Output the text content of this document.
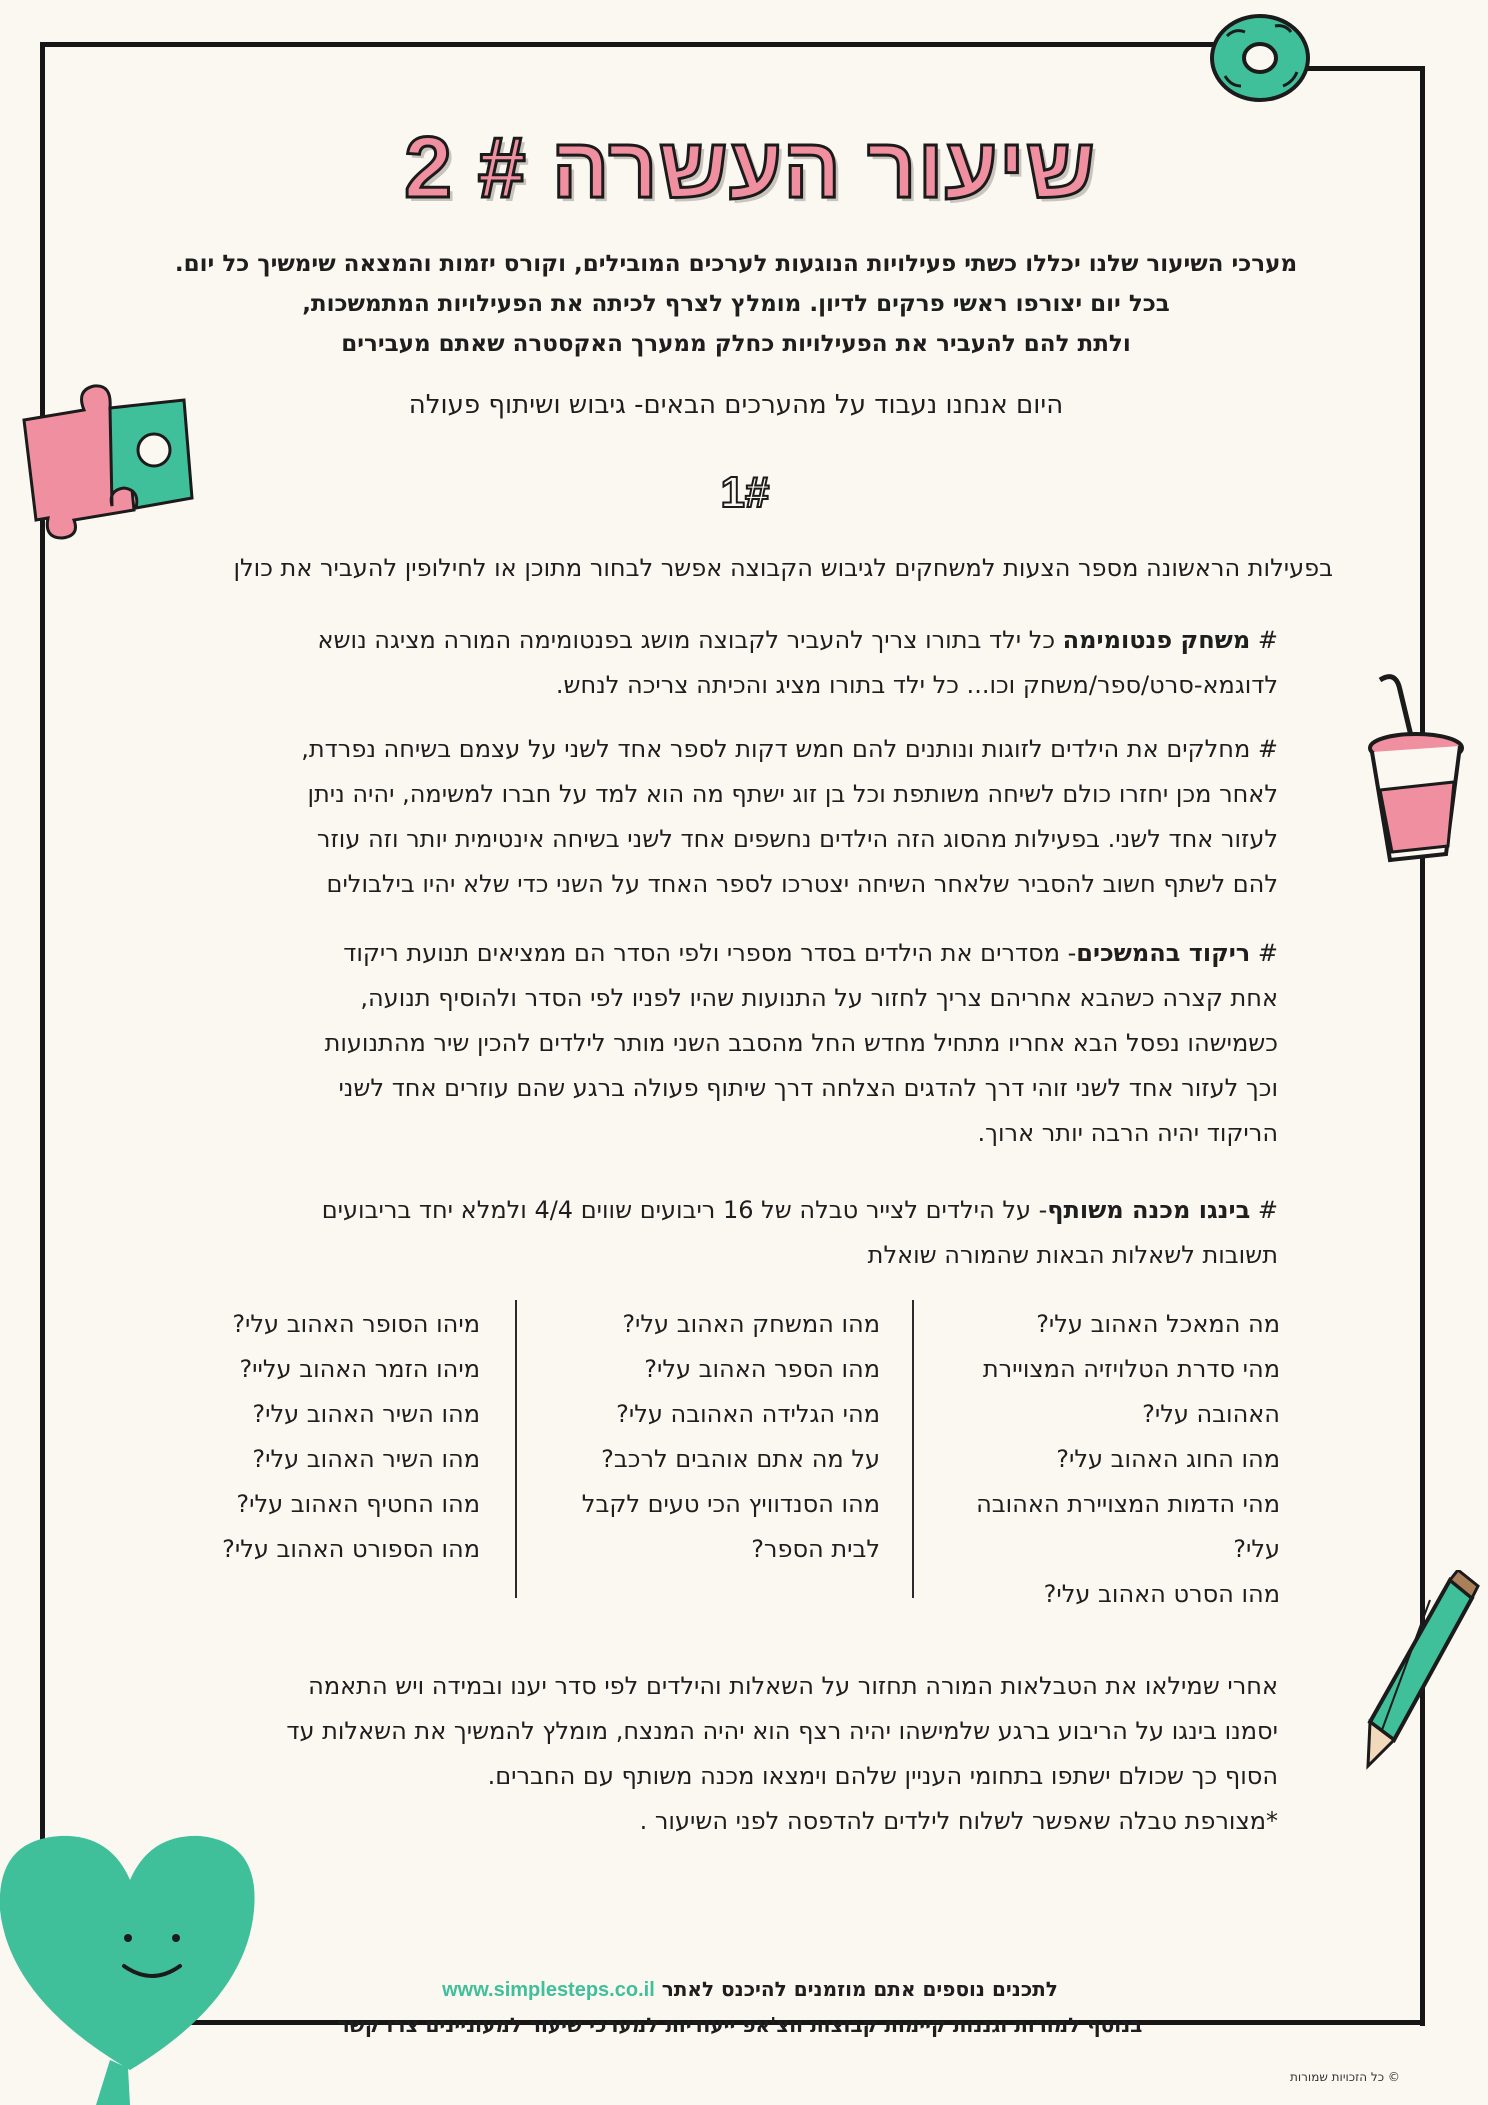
שיעור העשרה # 2
מערכי השיעור שלנו יכללו כשתי פעילויות הנוגעות לערכים המובילים, וקורס יזמות והמצאה שימשיך כל יום.
בכל יום יצורפו ראשי פרקים לדיון. מומלץ לצרף לכיתה את הפעילויות המתמשכות,
ולתת להם להעביר את הפעילויות כחלק ממערך האקסטרה שאתם מעבירים
היום אנחנו נעבוד על מהערכים הבאים- גיבוש ושיתוף פעולה
1#
בפעילות הראשונה מספר הצעות למשחקים לגיבוש הקבוצה אפשר לבחור מתוכן או לחילופין להעביר את כולן
# משחק פנטומימה כל ילד בתורו צריך להעביר לקבוצה מושג בפנטומימה המורה מציגה נושא
לדוגמא-סרט/ספר/משחק וכו... כל ילד בתורו מציג והכיתה צריכה לנחש.
# מחלקים את הילדים לזוגות ונותנים להם חמש דקות לספר אחד לשני על עצמם בשיחה נפרדת,
לאחר מכן יחזרו כולם לשיחה משותפת וכל בן זוג ישתף מה הוא למד על חברו למשימה, יהיה ניתן
לעזור אחד לשני. בפעילות מהסוג הזה הילדים נחשפים אחד לשני בשיחה אינטימית יותר וזה עוזר
להם לשתף חשוב להסביר שלאחר השיחה יצטרכו לספר האחד על השני כדי שלא יהיו בילבולים
# ריקוד בהמשכים- מסדרים את הילדים בסדר מספרי ולפי הסדר הם ממציאים תנועת ריקוד
אחת קצרה כשהבא אחריהם צריך לחזור על התנועות שהיו לפניו לפי הסדר ולהוסיף תנועה,
כשמישהו נפסל הבא אחריו מתחיל מחדש החל מהסבב השני מותר לילדים להכין שיר מהתנועות
וכך לעזור אחד לשני זוהי דרך להדגים הצלחה דרך שיתוף פעולה ברגע שהם עוזרים אחד לשני
הריקוד יהיה הרבה יותר ארוך.
# בינגו מכנה משותף- על הילדים לצייר טבלה של 16 ריבועים שווים 4/4 ולמלא יחד בריבועים
תשובות לשאלות הבאות שהמורה שואלת
מה המאכל האהוב עלי?
מהי סדרת הטלויזיה המצויירת
האהובה עלי?
מהו החוג האהוב עלי?
מהי הדמות המצויירת האהובה
עלי?
מהו הסרט האהוב עלי?
מהו המשחק האהוב עלי?
מהו הספר האהוב עלי?
מהי הגלידה האהובה עלי?
על מה אתם אוהבים לרכב?
מהו הסנדוויץ הכי טעים לקבל
לבית הספר?
מיהו הסופר האהוב עלי?
מיהו הזמר האהוב עליי?
מהו השיר האהוב עלי?
מהו השיר האהוב עלי?
מהו החטיף האהוב עלי?
מהו הספורט האהוב עלי?
אחרי שמילאו את הטבלאות המורה תחזור על השאלות והילדים לפי סדר יענו ובמידה ויש התאמה
יסמנו בינגו על הריבוע ברגע שלמישהו יהיה רצף הוא יהיה המנצח, מומלץ להמשיך את השאלות עד
הסוף כך שכולם ישתפו בתחומי העניין שלהם וימצאו מכנה משותף עם החברים.
*מצורפת טבלה שאפשר לשלוח לילדים להדפסה לפני השיעור .
לתכנים נוספים אתם מוזמנים להיכנס לאתר www.simplesteps.co.il
בנוסף למורות וגננות קיימות קבוצות ווצ'אפ ייעודיות למערכי שיעור למעוניינים צרו קשר
© כל הזכויות שמורות
